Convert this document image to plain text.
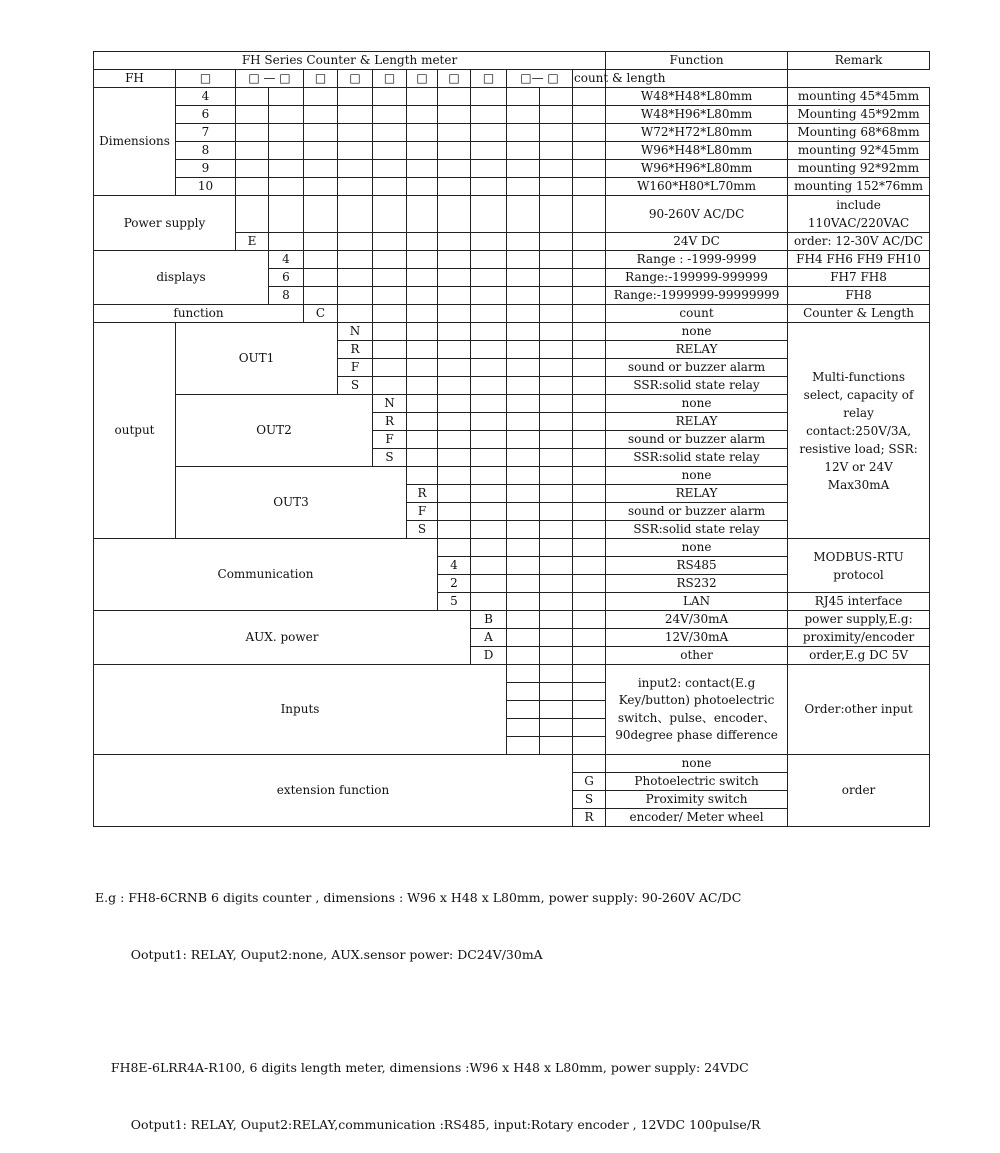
FH Series Counter & Length meter													Function	Remark
FH	□	□ — □		□	□	□	□	□	□	□— □		count & length		
Dimensions	4												W48*H48*L80mm	mounting 45*45mm
	6												W48*H96*L80mm	Mounting 45*92mm
	7												W72*H72*L80mm	Mounting 68*68mm
	8												W96*H48*L80mm	mounting 92*45mm
	9												W96*H96*L80mm	mounting 92*92mm
	10												W160*H80*L70mm	mounting 152*76mm
Power supply													90-260V AC/DC	include 110VAC/220VAC
		E											24V DC	order: 12-30V AC/DC
displays			4										Range : -1999-9999	FH4 FH6 FH9 FH10
			6										Range:-199999-999999	FH7 FH8
			8										Range:-1999999-99999999	FH8
function				C									count	Counter & Length
output	OUT1				N								none	Multi-functions select, capacity of relay contact:250V/3A, resistive load; SSR: 12V or 24V Max30mA
					R								RELAY	
					F								sound or buzzer alarm	
					S								SSR:solid state relay	
	OUT2					N							none	
						R							RELAY	
						F							sound or buzzer alarm	
						S							SSR:solid state relay	
	OUT3												none	
							R						RELAY	
							F						sound or buzzer alarm	
							S						SSR:solid state relay	
Communication													none	MODBUS-RTU protocol
								4					RS485	
								2					RS232	
								5					LAN	RJ45 interface
AUX. power									B				24V/30mA	power supply,E.g:
									A				12V/30mA	proximity/encoder
									D				other	order,E.g DC 5V
Inputs													input2: contact(E.g Key/button) photoelectric switch、pulse、encoder、90degree phase difference	Order:other input

extension function													none	order
												G	Photoelectric switch	
												S	Proximity switch	
												R	encoder/ Meter wheel	

E.g : FH8-6CRNB 6 digits counter , dimensions : W96 x H48 x L80mm, power supply: 90-260V AC/DC

Ootput1: RELAY, Ouput2:none, AUX.sensor power: DC24V/30mA

FH8E-6LRR4A-R100, 6 digits length meter, dimensions :W96 x H48 x L80mm, power supply: 24VDC

Ootput1: RELAY, Ouput2:RELAY,communication :RS485, input:Rotary encoder , 12VDC 100pulse/R
